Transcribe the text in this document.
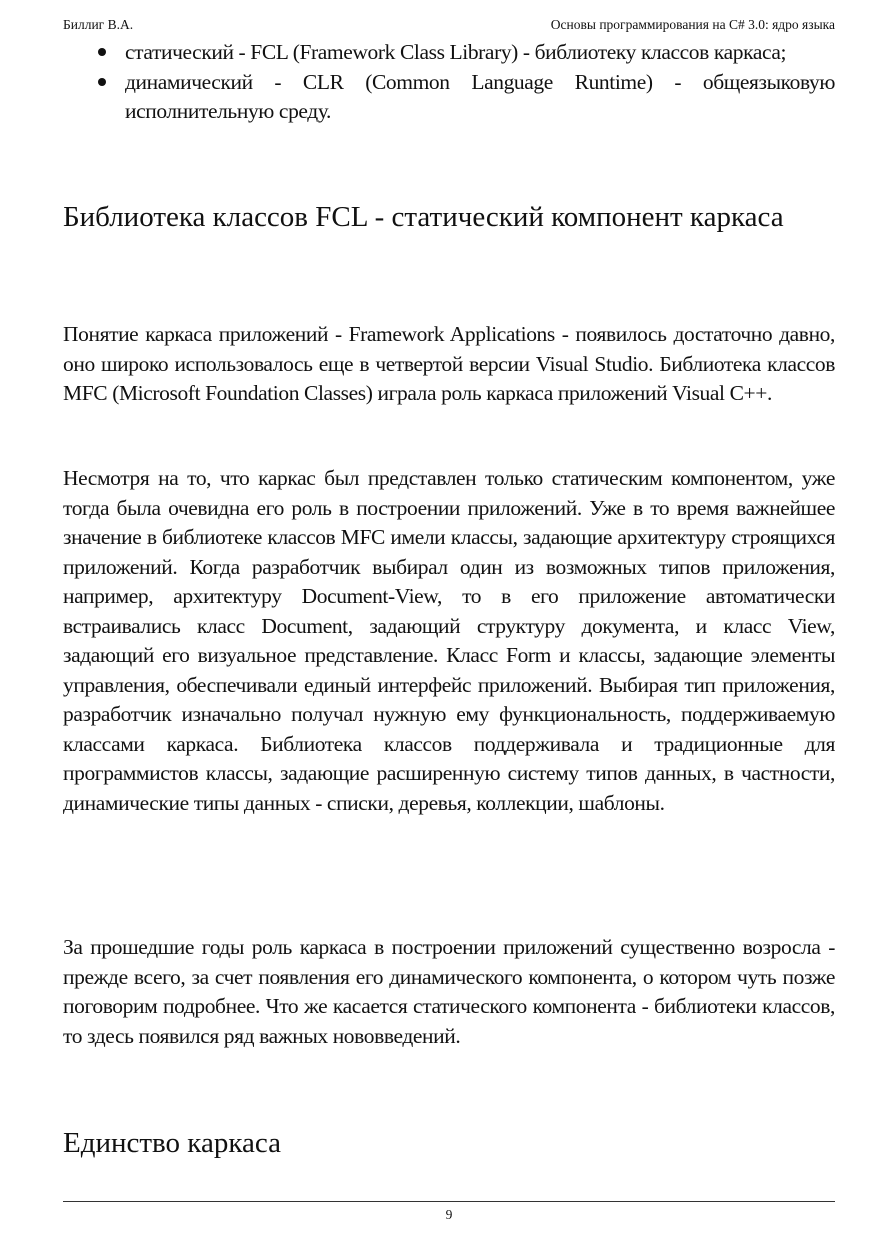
Биллиг В.А.	Основы программирования на C# 3.0: ядро языка
статический - FCL (Framework Class Library) - библиотеку классов каркаса;
динамический - CLR (Common Language Runtime) - общеязыковую исполнительную среду.
Библиотека классов FCL - статический компонент каркаса

Понятие каркаса приложений - Framework Applications - появилось достаточно давно, оно широко использовалось еще в четвертой версии Visual Studio. Библиотека классов MFC (Microsoft Foundation Classes) играла роль каркаса приложений Visual C++.

Несмотря на то, что каркас был представлен только статическим компонентом, уже тогда была очевидна его роль в построении приложений. Уже в то время важнейшее значение в библиотеке классов MFC имели классы, задающие архитектуру строящихся приложений. Когда разработчик выбирал один из возможных типов приложения, например, архитектуру Document-View, то в его приложение автоматически встраивались класс Document, задающий структуру документа, и класс View, задающий его визуальное представление. Класс Form и классы, задающие элементы управления, обеспечивали единый интерфейс приложений. Выбирая тип приложения, разработчик изначально получал нужную ему функциональность, поддерживаемую классами каркаса. Библиотека классов поддерживала и традиционные для программистов классы, задающие расширенную систему типов данных, в частности, динамические типы данных - списки, деревья, коллекции, шаблоны.

За прошедшие годы роль каркаса в построении приложений существенно возросла - прежде всего, за счет появления его динамического компонента, о котором чуть позже поговорим подробнее. Что же касается статического компонента - библиотеки классов, то здесь появился ряд важных нововведений.

Единство каркаса
9
